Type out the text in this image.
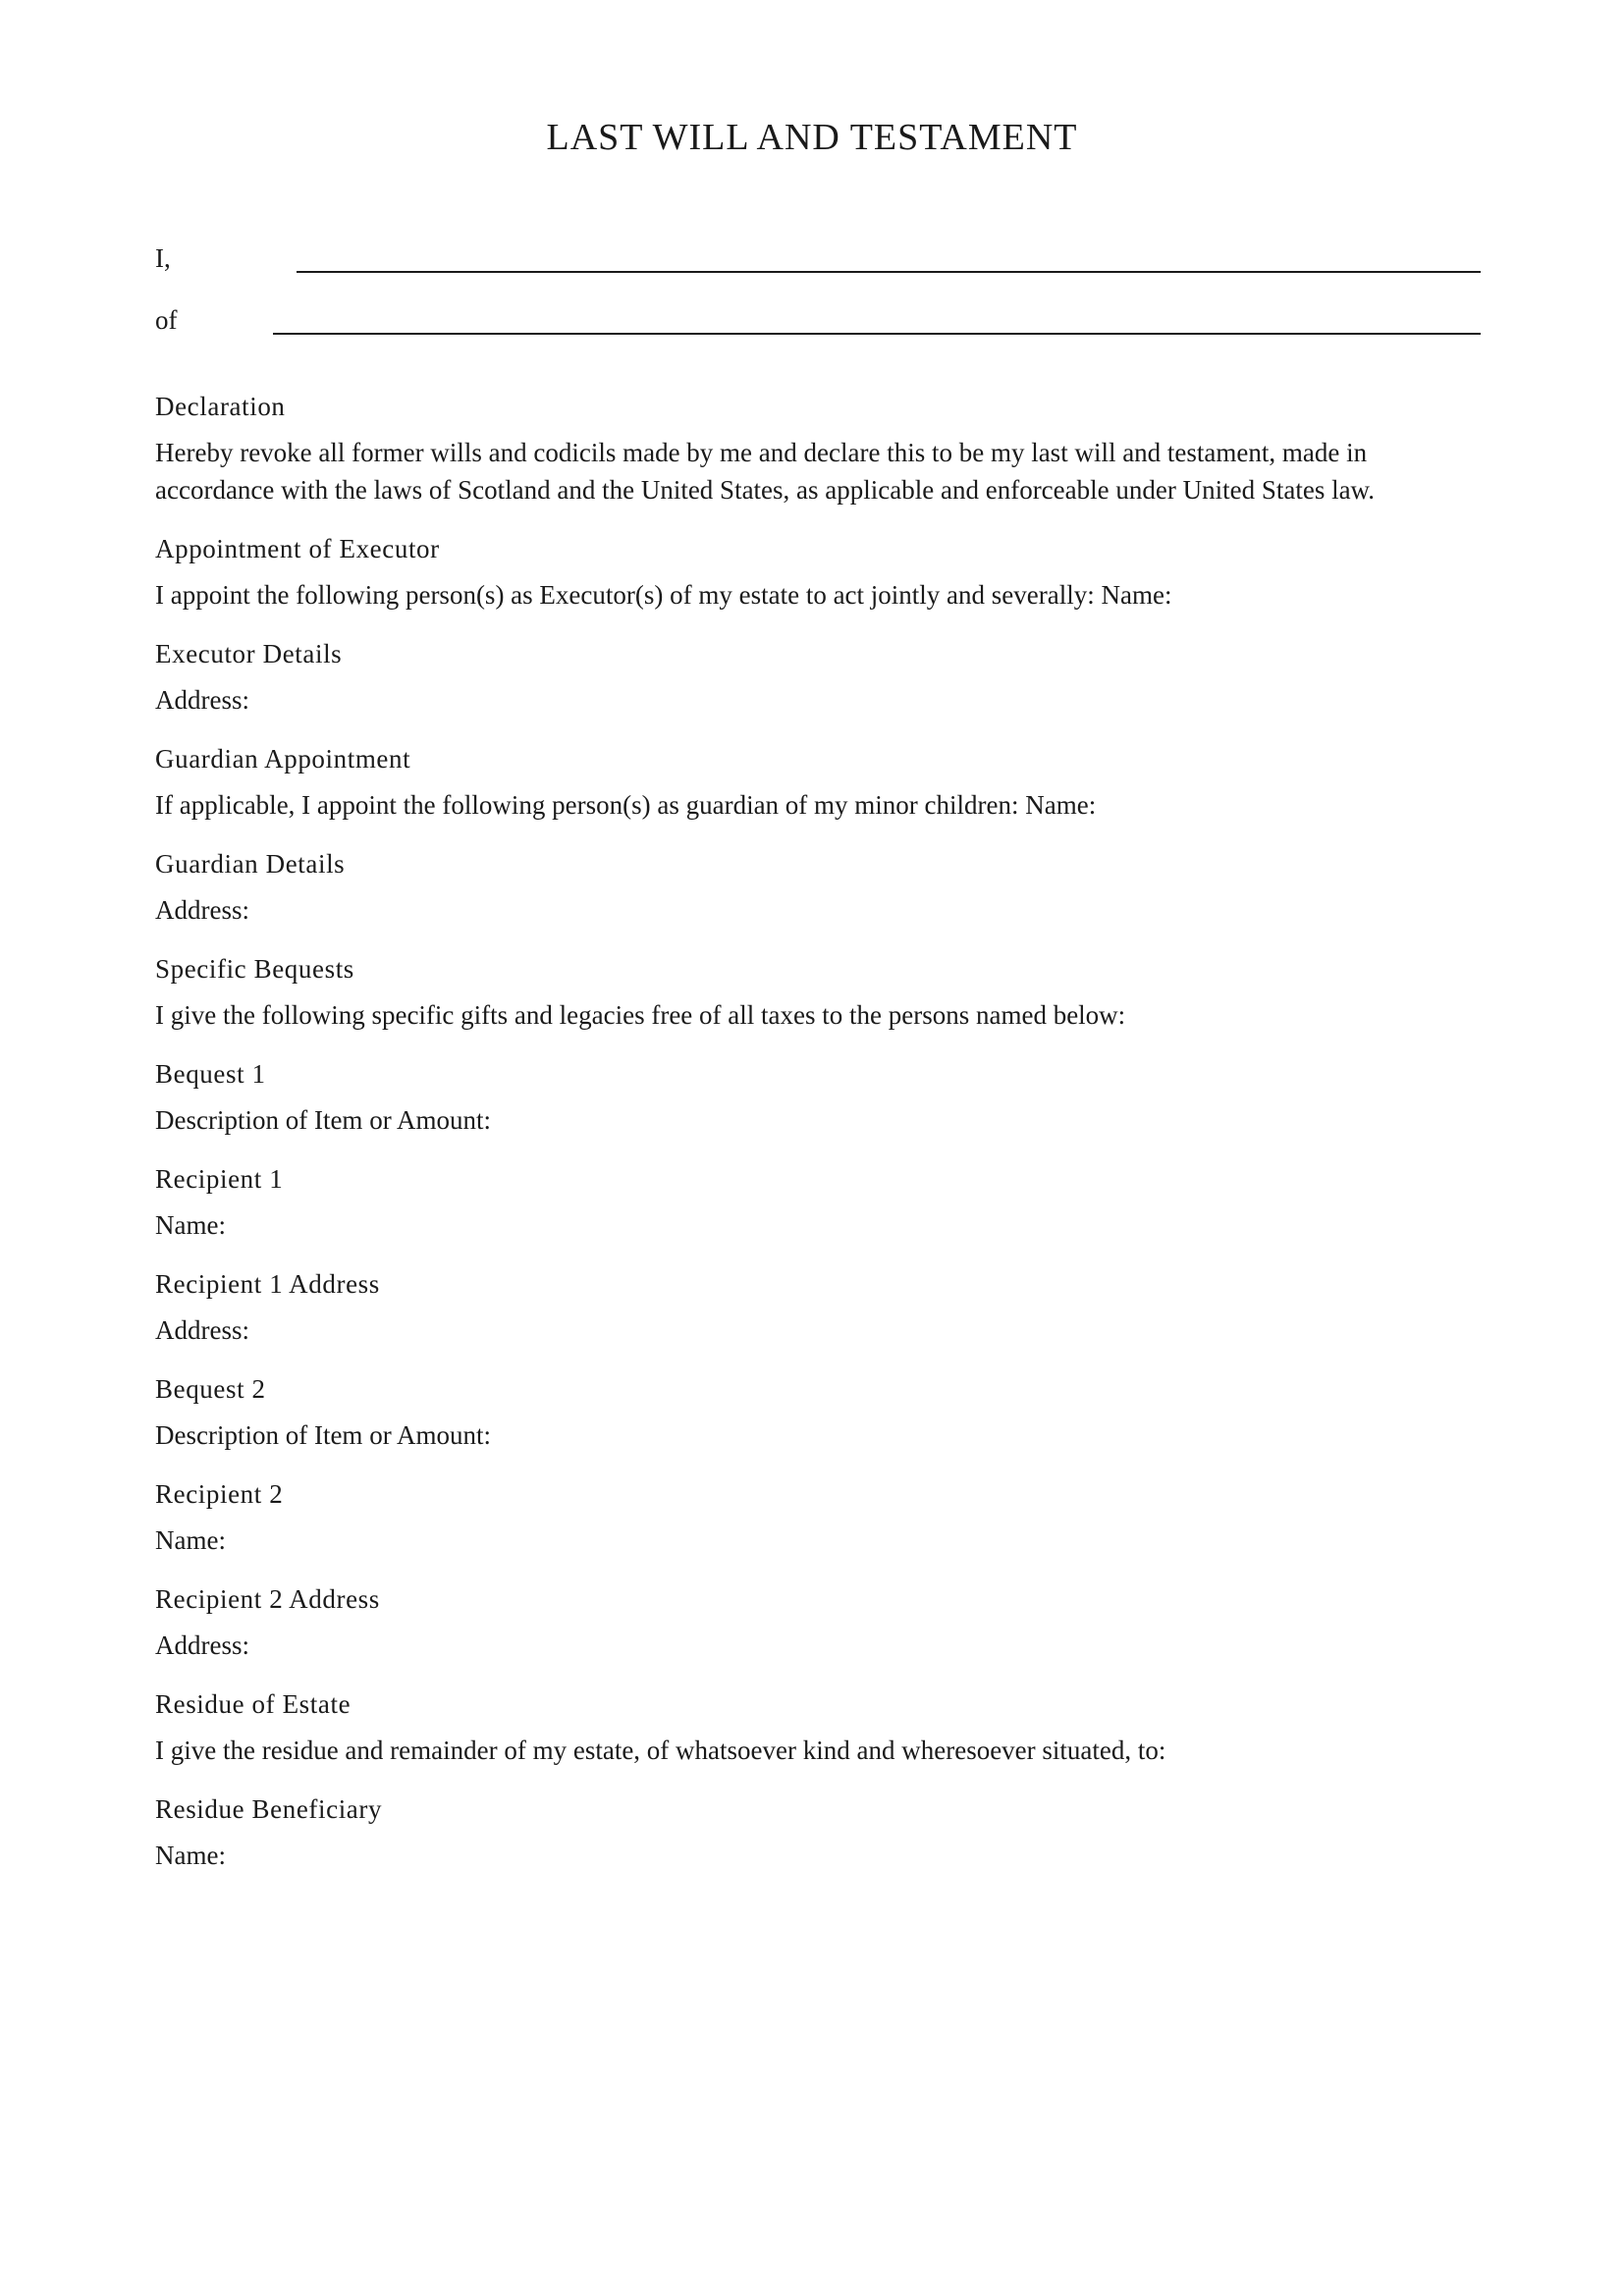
LAST WILL AND TESTAMENT
I,
of
Declaration
Hereby revoke all former wills and codicils made by me and declare this to be my last will and testament, made in accordance with the laws of Scotland and the United States, as applicable and enforceable under United States law.
Appointment of Executor
I appoint the following person(s) as Executor(s) of my estate to act jointly and severally: Name:
Executor Details
Address:
Guardian Appointment
If applicable, I appoint the following person(s) as guardian of my minor children: Name:
Guardian Details
Address:
Specific Bequests
I give the following specific gifts and legacies free of all taxes to the persons named below:
Bequest 1
Description of Item or Amount:
Recipient 1
Name:
Recipient 1 Address
Address:
Bequest 2
Description of Item or Amount:
Recipient 2
Name:
Recipient 2 Address
Address:
Residue of Estate
I give the residue and remainder of my estate, of whatsoever kind and wheresoever situated, to:
Residue Beneficiary
Name:
